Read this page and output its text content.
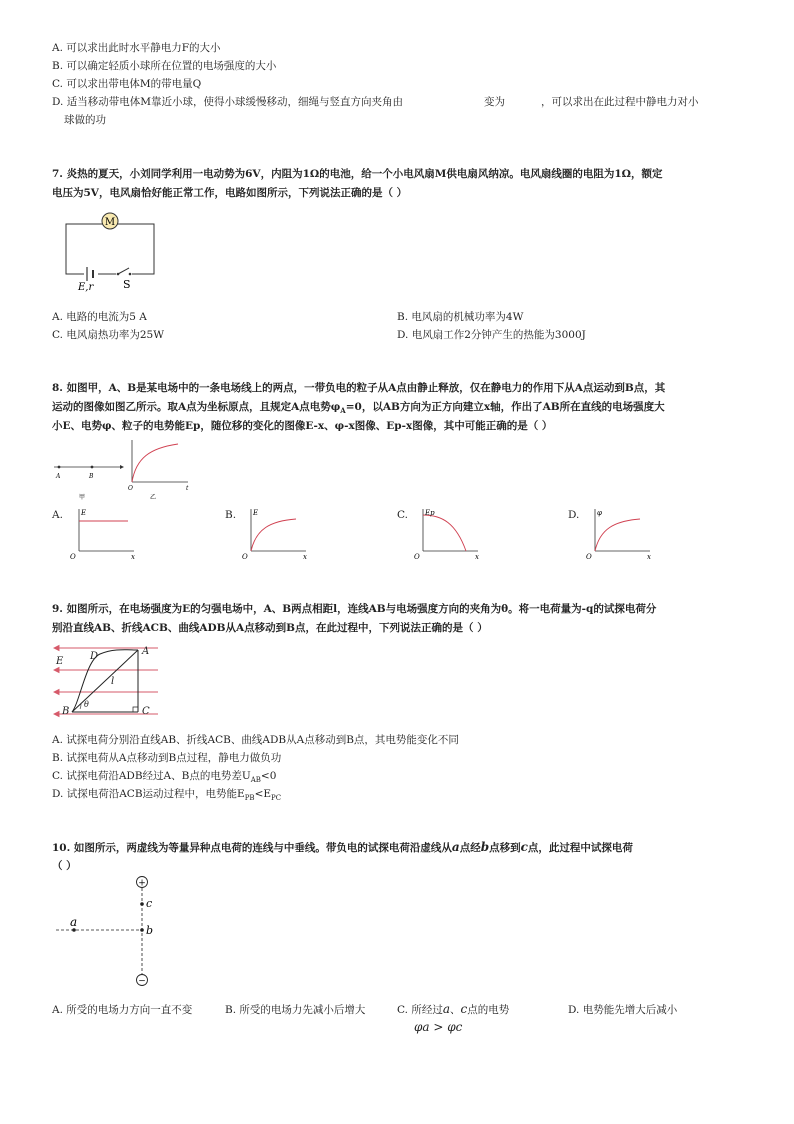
A. 可以求出此时水平静电力F的大小
B. 可以确定轻质小球所在位置的电场强度的大小
C. 可以求出带电体M的带电量Q
D. 适当移动带电体M靠近小球，使得小球缓慢移动，细绳与竖直方向夹角由	变为	，可以求出在此过程中静电力对小
球做的功
7. 炎热的夏天，小刘同学利用一电动势为6V，内阻为1Ω的电池，给一个小电风扇M供电扇风纳凉。电风扇线圈的电阻为1Ω，额定
电压为5V，电风扇恰好能正常工作，电路如图所示，下列说法正确的是（ ）
M
E,r	S
A. 电路的电流为5 A	B. 电风扇的机械功率为4W
C. 电风扇热功率为25W	D. 电风扇工作2分钟产生的热能为3000J
8. 如图甲，A、B是某电场中的一条电场线上的两点，一带负电的粒子从A点由静止释放，仅在静电力的作用下从A点运动到B点，其
运动的图像如图乙所示。取A点为坐标原点，且规定A点电势$\varphi_A=0$，以AB方向为正方向建立x轴，作出了AB所在直线的电场强度大
小E、电势φ、粒子的电势能Ep，随位移的变化的图像E-x、φ-x图像、Ep-x图像，其中可能正确的是（ ）
A	B
甲
O	t
乙
A.	E
O	x
B. E
O	x
C. Ep
O	x
D.	φ
O	x
9. 如图所示，在电场强度为E的匀强电场中，A、B两点相距l，连线AB与电场强度方向的夹角为θ。将一电荷量为-q的试探电荷分
别沿直线AB、折线ACB、曲线ADB从A点移动到B点，在此过程中，下列说法正确的是（ ）
E
A
B	C
D
l
θ
A. 试探电荷分别沿直线AB、折线ACB、曲线ADB从A点移动到B点，其电势能变化不同
B. 试探电荷从A点移动到B点过程，静电力做负功
C. 试探电荷沿ADB经过A、B点的电势差$U_{AB}<0$
D. 试探电荷沿ACB运动过程中，电势能$E_{PB}<E_{PC}$
10. 如图所示，两虚线为等量异种点电荷的连线与中垂线。带负电的试探电荷沿虚线从a点经b点移到c点，此过程中试探电荷
（ ）
+
−
a
b
c
A. 所受的电场力方向一直不变	B. 所受的电场力先减小后增大	C. 所经过a、c点的电势
φa > φc
D. 电势能先增大后减小
